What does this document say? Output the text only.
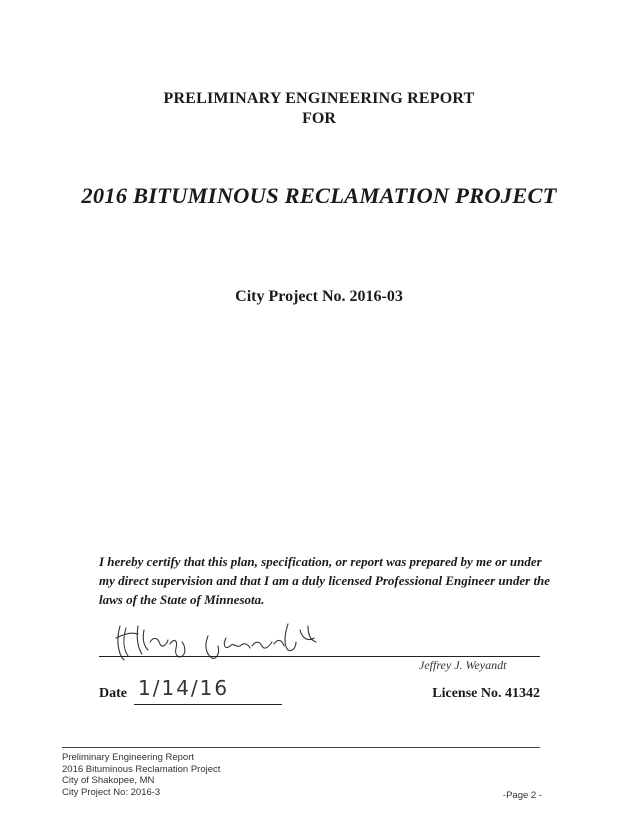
PRELIMINARY ENGINEERING REPORT
FOR
2016 BITUMINOUS RECLAMATION PROJECT
City Project No. 2016-03
I hereby certify that this plan, specification, or report was prepared by me or under my direct supervision and that I am a duly licensed Professional Engineer under the laws of the State of Minnesota.
Jeffrey J. Weyandt
Date 1/14/16	License No. 41342
Preliminary Engineering Report
2016 Bituminous Reclamation Project
City of Shakopee, MN
City Project No: 2016-3	-Page 2 -
